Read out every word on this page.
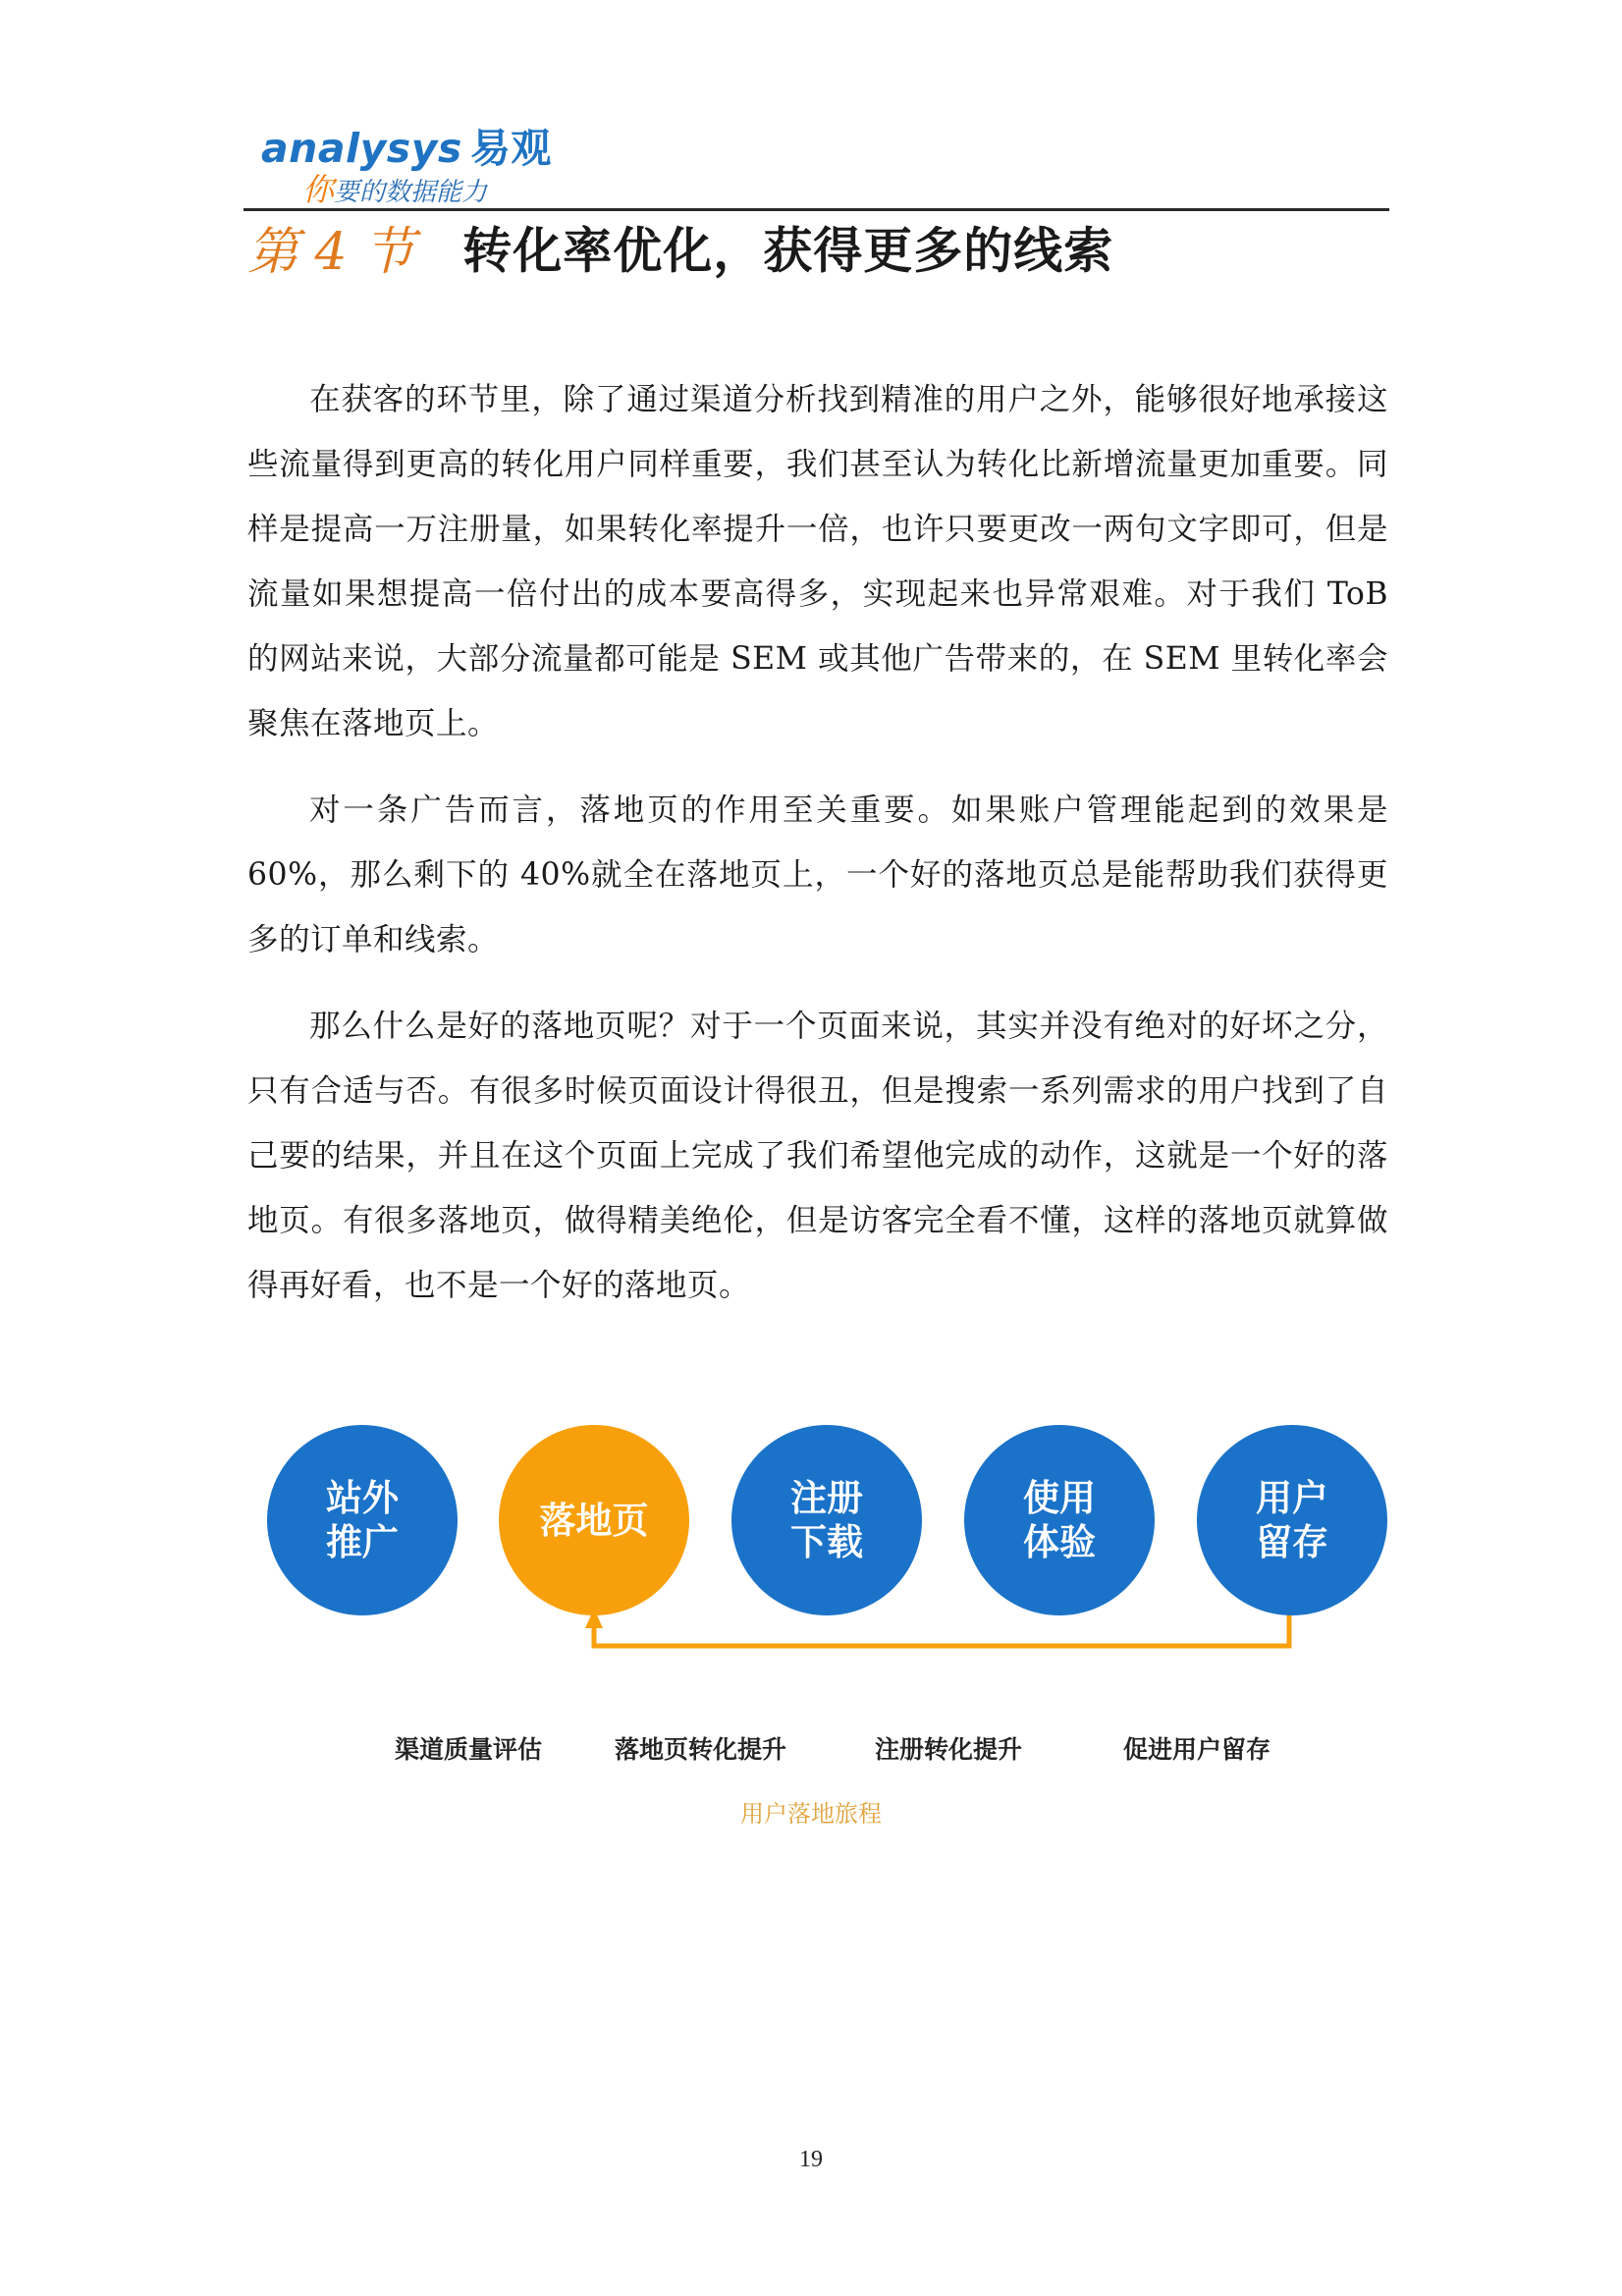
analysys 易观
你要的数据能力
第 4 节 转化率优化，获得更多的线索

在获客的环节里，除了通过渠道分析找到精准的用户之外，能够很好地承接这些流量得到更高的转化用户同样重要，我们甚至认为转化比新增流量更加重要。同样是提高一万注册量，如果转化率提升一倍，也许只要更改一两句文字即可，但是流量如果想提高一倍付出的成本要高得多，实现起来也异常艰难。对于我们 ToB 的网站来说，大部分流量都可能是 SEM 或其他广告带来的，在 SEM 里转化率会聚焦在落地页上。

对一条广告而言，落地页的作用至关重要。如果账户管理能起到的效果是 60%，那么剩下的 40%就全在落地页上，一个好的落地页总是能帮助我们获得更多的订单和线索。

那么什么是好的落地页呢？对于一个页面来说，其实并没有绝对的好坏之分，只有合适与否。有很多时候页面设计得很丑，但是搜索一系列需求的用户找到了自己要的结果，并且在这个页面上完成了我们希望他完成的动作，这就是一个好的落地页。有很多落地页，做得精美绝伦，但是访客完全看不懂，这样的落地页就算做得再好看，也不是一个好的落地页。

站外推广
落地页
注册下载
使用体验
用户留存
渠道质量评估	落地页转化提升	注册转化提升	促进用户留存
用户落地旅程
19
